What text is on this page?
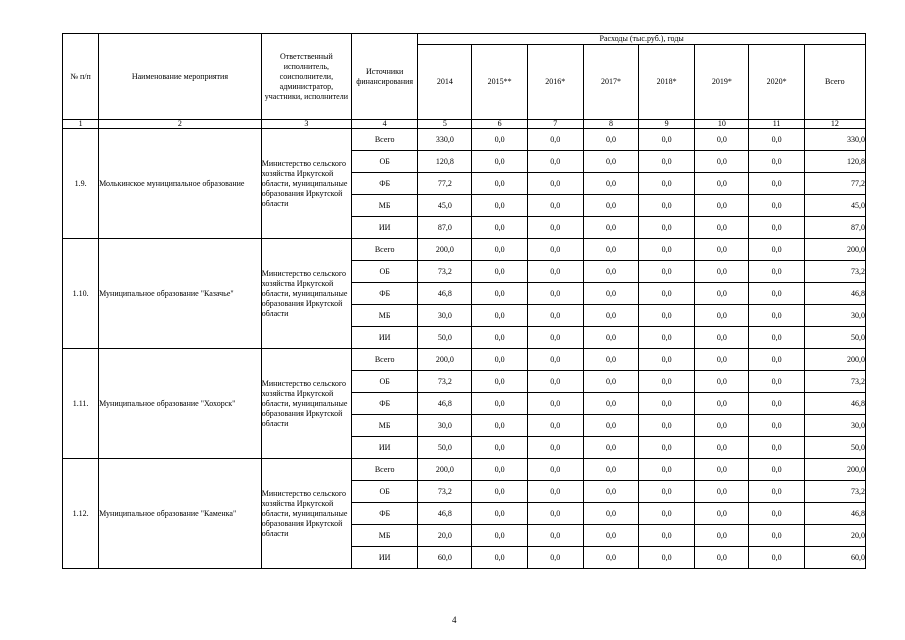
№ п/п	Наименование мероприятия	Ответственный исполнитель, соисполнители, администратор, участники, исполнители	Источники финансирования	Расходы (тыс.руб.), годы							
				2014	2015**	2016*	2017*	2018*	2019*	2020*	Всего
1	2	3	4	5	6	7	8	9	10	11	12
1.9.	Молькинское муниципальное образование	Министерство сельского хозяйства Иркутской области, муниципальные образования Иркутской области	Всего	330,0	0,0	0,0	0,0	0,0	0,0	0,0	330,0
			ОБ	120,8	0,0	0,0	0,0	0,0	0,0	0,0	120,8
			ФБ	77,2	0,0	0,0	0,0	0,0	0,0	0,0	77,2
			МБ	45,0	0,0	0,0	0,0	0,0	0,0	0,0	45,0
			ИИ	87,0	0,0	0,0	0,0	0,0	0,0	0,0	87,0
1.10.	Муниципальное образование "Казачье"	Министерство сельского хозяйства Иркутской области, муниципальные образования Иркутской области	Всего	200,0	0,0	0,0	0,0	0,0	0,0	0,0	200,0
			ОБ	73,2	0,0	0,0	0,0	0,0	0,0	0,0	73,2
			ФБ	46,8	0,0	0,0	0,0	0,0	0,0	0,0	46,8
			МБ	30,0	0,0	0,0	0,0	0,0	0,0	0,0	30,0
			ИИ	50,0	0,0	0,0	0,0	0,0	0,0	0,0	50,0
1.11.	Муниципальное образование "Хохорск"	Министерство сельского хозяйства Иркутской области, муниципальные образования Иркутской области	Всего	200,0	0,0	0,0	0,0	0,0	0,0	0,0	200,0
			ОБ	73,2	0,0	0,0	0,0	0,0	0,0	0,0	73,2
			ФБ	46,8	0,0	0,0	0,0	0,0	0,0	0,0	46,8
			МБ	30,0	0,0	0,0	0,0	0,0	0,0	0,0	30,0
			ИИ	50,0	0,0	0,0	0,0	0,0	0,0	0,0	50,0
1.12.	Муниципальное образование "Каменка"	Министерство сельского хозяйства Иркутской области, муниципальные образования Иркутской области	Всего	200,0	0,0	0,0	0,0	0,0	0,0	0,0	200,0
			ОБ	73,2	0,0	0,0	0,0	0,0	0,0	0,0	73,2
			ФБ	46,8	0,0	0,0	0,0	0,0	0,0	0,0	46,8
			МБ	20,0	0,0	0,0	0,0	0,0	0,0	0,0	20,0
			ИИ	60,0	0,0	0,0	0,0	0,0	0,0	0,0	60,0
4
